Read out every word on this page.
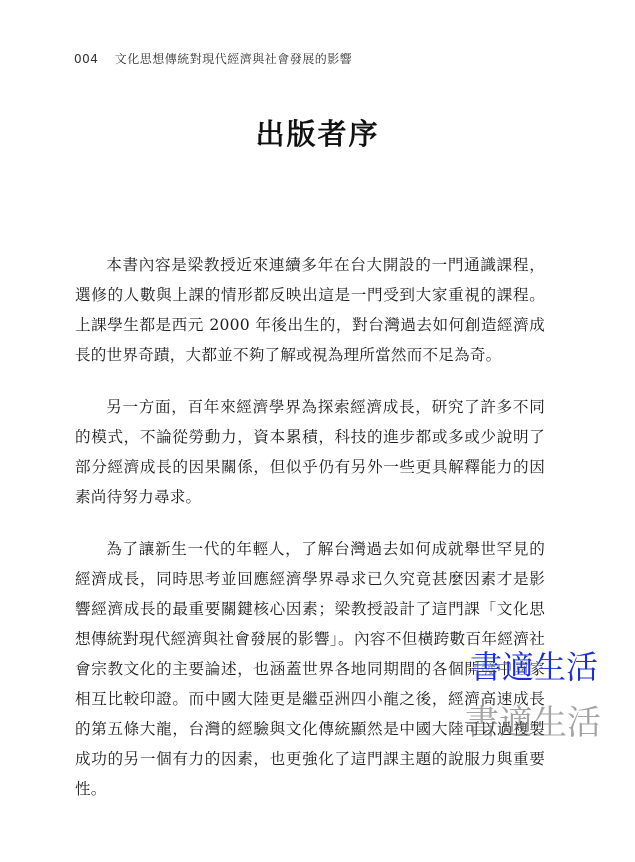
004 文化思想傳統對現代經濟與社會發展的影響
出版者序

本書內容是梁教授近來連續多年在台大開設的一門通識課程，選修的人數與上課的情形都反映出這是一門受到大家重視的課程。上課學生都是西元 2000 年後出生的，對台灣過去如何創造經濟成長的世界奇蹟，大都並不夠了解或視為理所當然而不足為奇。

另一方面，百年來經濟學界為探索經濟成長，研究了許多不同的模式，不論從勞動力，資本累積，科技的進步都或多或少說明了部分經濟成長的因果關係，但似乎仍有另外一些更具解釋能力的因素尚待努力尋求。

為了讓新生一代的年輕人，了解台灣過去如何成就舉世罕見的經濟成長，同時思考並回應經濟學界尋求已久究竟甚麼因素才是影響經濟成長的最重要關鍵核心因素；梁教授設計了這門課「文化思想傳統對現代經濟與社會發展的影響」。內容不但橫跨數百年經濟社會宗教文化的主要論述，也涵蓋世界各地同期間的各個開發中國家相互比較印證。而中國大陸更是繼亞洲四小龍之後，經濟高速成長的第五條大龍，台灣的經驗與文化傳統顯然是中國大陸可以過複製成功的另一個有力的因素，也更強化了這門課主題的說服力與重要性。

書適生活
書適生活
